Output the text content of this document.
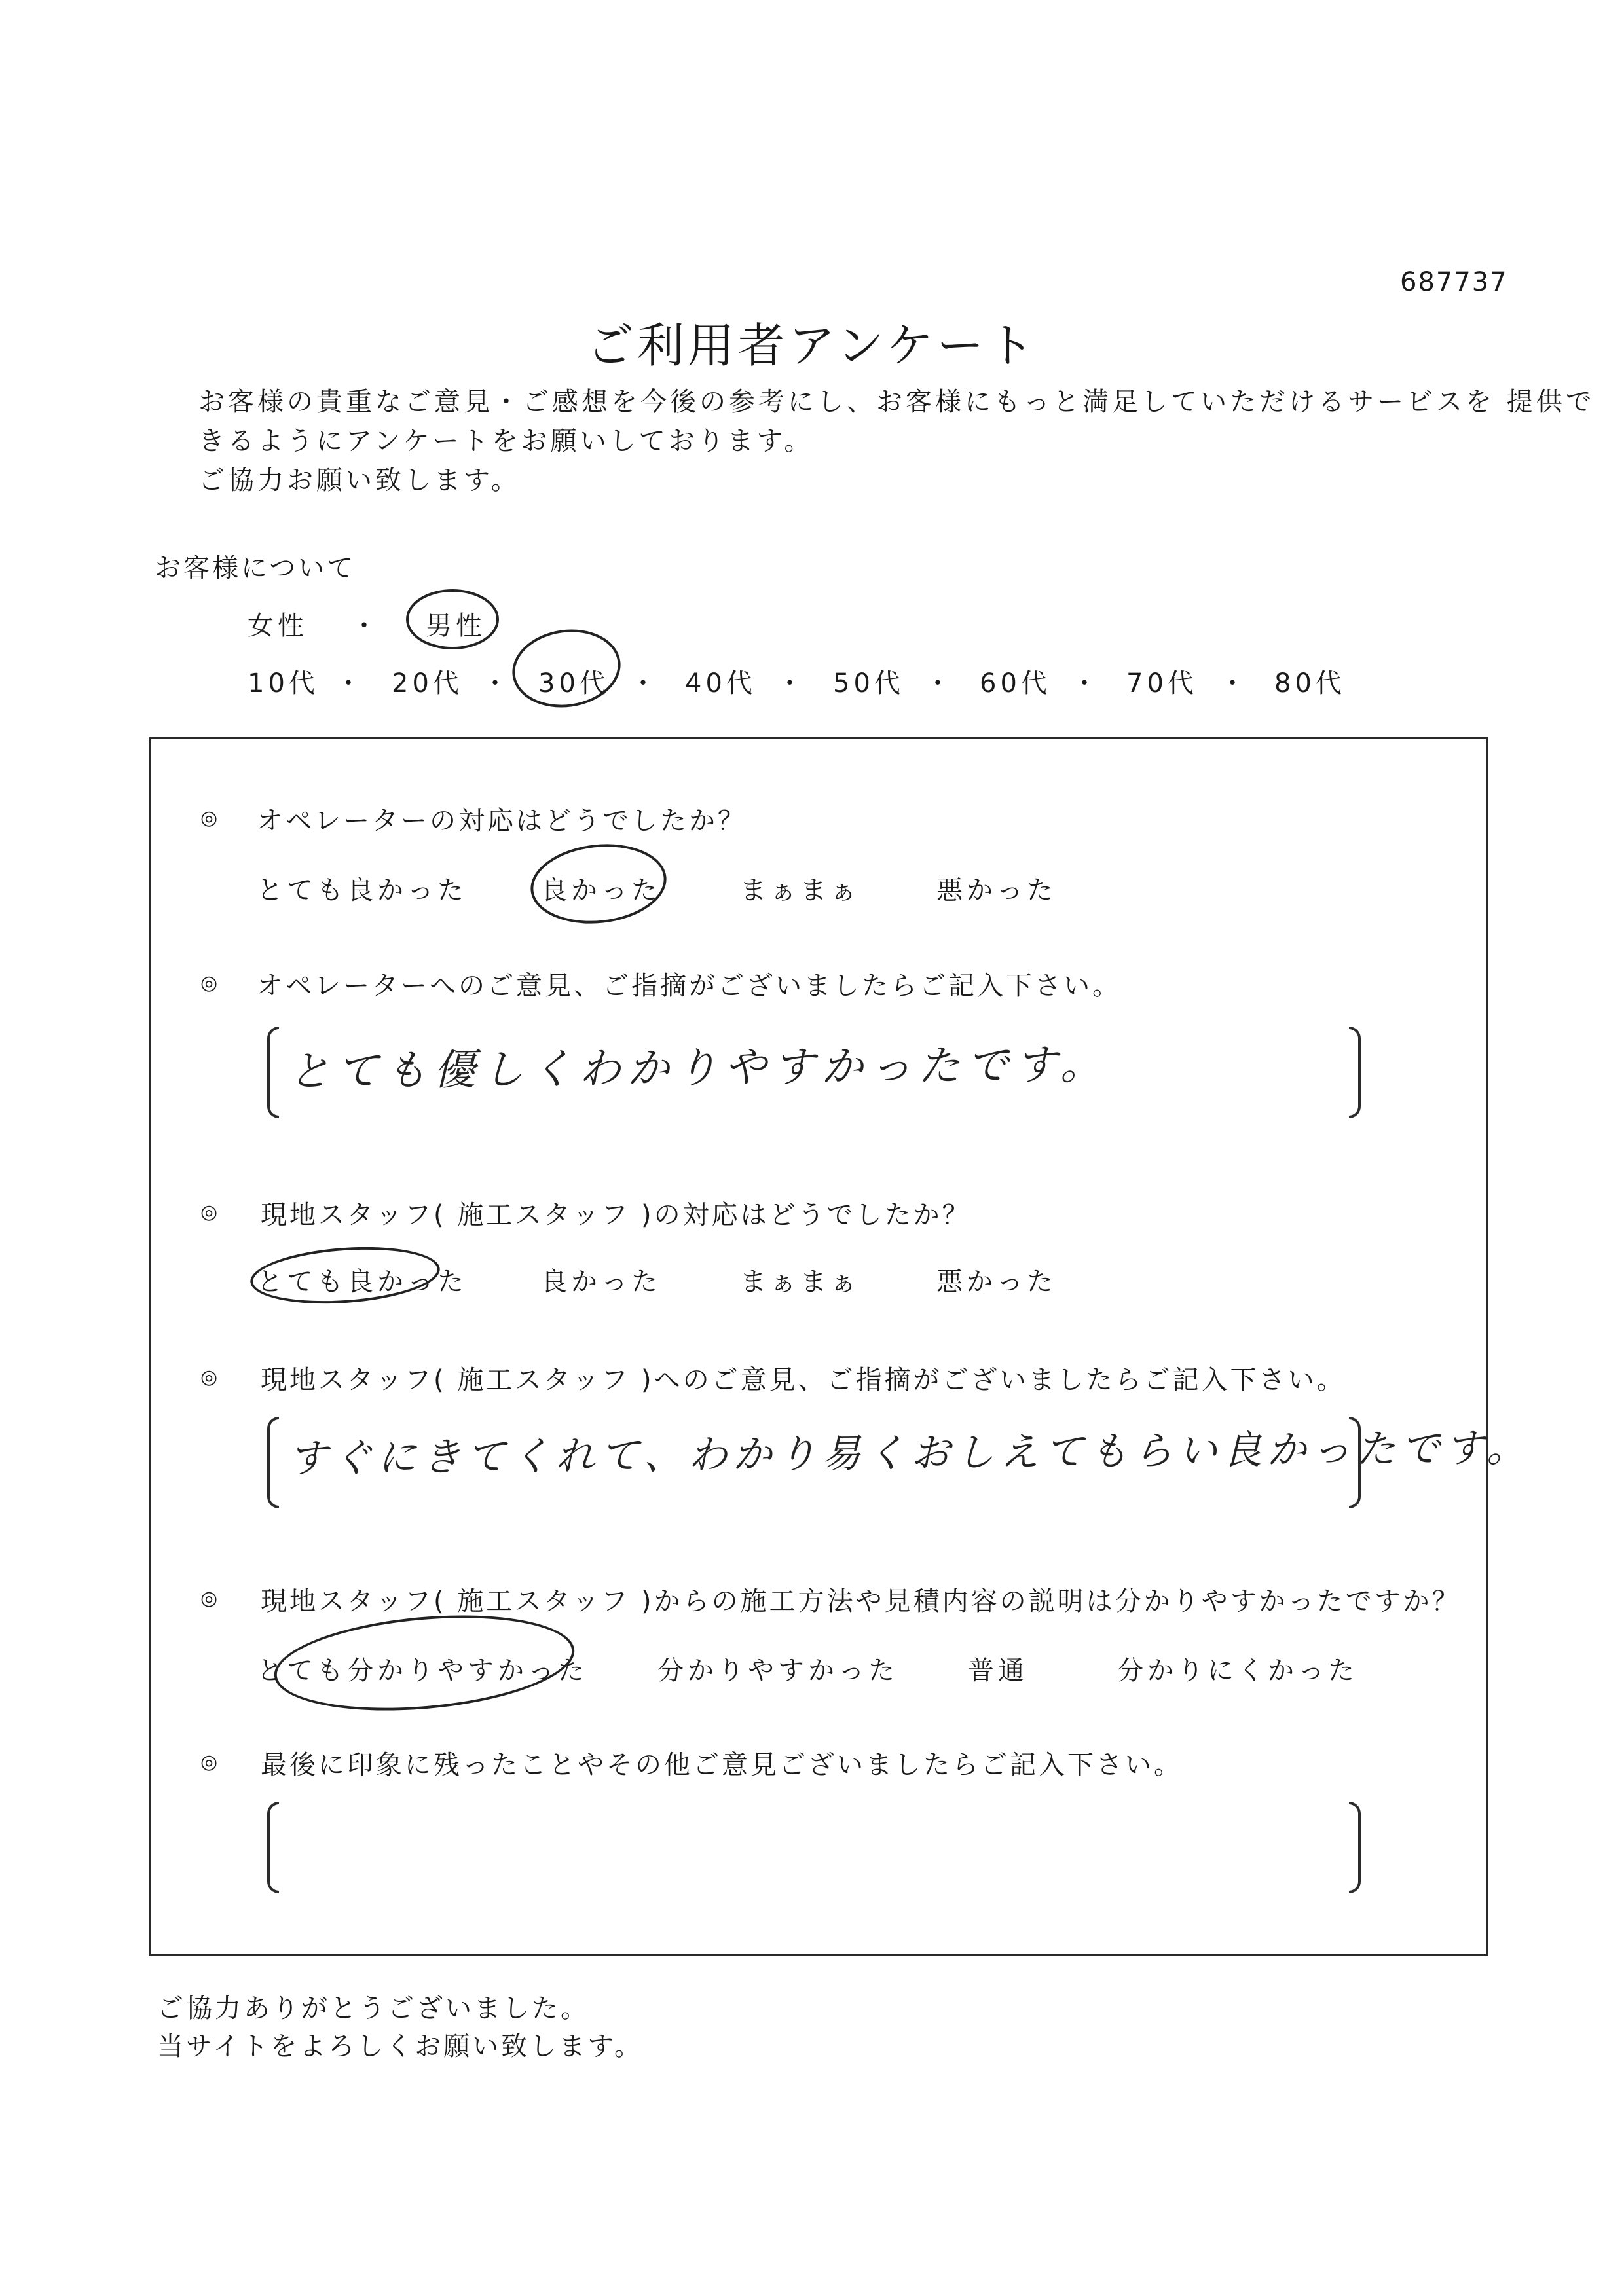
687737
ご利用者アンケート
お客様の貴重なご意見・ご感想を今後の参考にし、お客様にもっと満足していただけるサービスを 提供で
きるようにアンケートをお願いしております。
ご協力お願い致します。
お客様について
女性 ・ 男性
10代 ・ 20代 ・ 30代 ・ 40代 ・ 50代 ・ 60代 ・ 70代 ・ 80代
◎ オペレーターの対応はどうでしたか？
とても良かった	良かった	まぁまぁ	悪かった
◎ オペレーターへのご意見、ご指摘がございましたらご記入下さい。
とても優しくわかりやすかったです。
◎ 現地スタッフ( 施工スタッフ )の対応はどうでしたか？
とても良かった	良かった	まぁまぁ	悪かった
◎ 現地スタッフ( 施工スタッフ )へのご意見、ご指摘がございましたらご記入下さい。
すぐにきてくれて、わかり易くおしえてもらい良かったです。
◎ 現地スタッフ( 施工スタッフ )からの施工方法や見積内容の説明は分かりやすかったですか？
とても分かりやすかった	分かりやすかった	普通	分かりにくかった
◎ 最後に印象に残ったことやその他ご意見ございましたらご記入下さい。
ご協力ありがとうございました。
当サイトをよろしくお願い致します。
